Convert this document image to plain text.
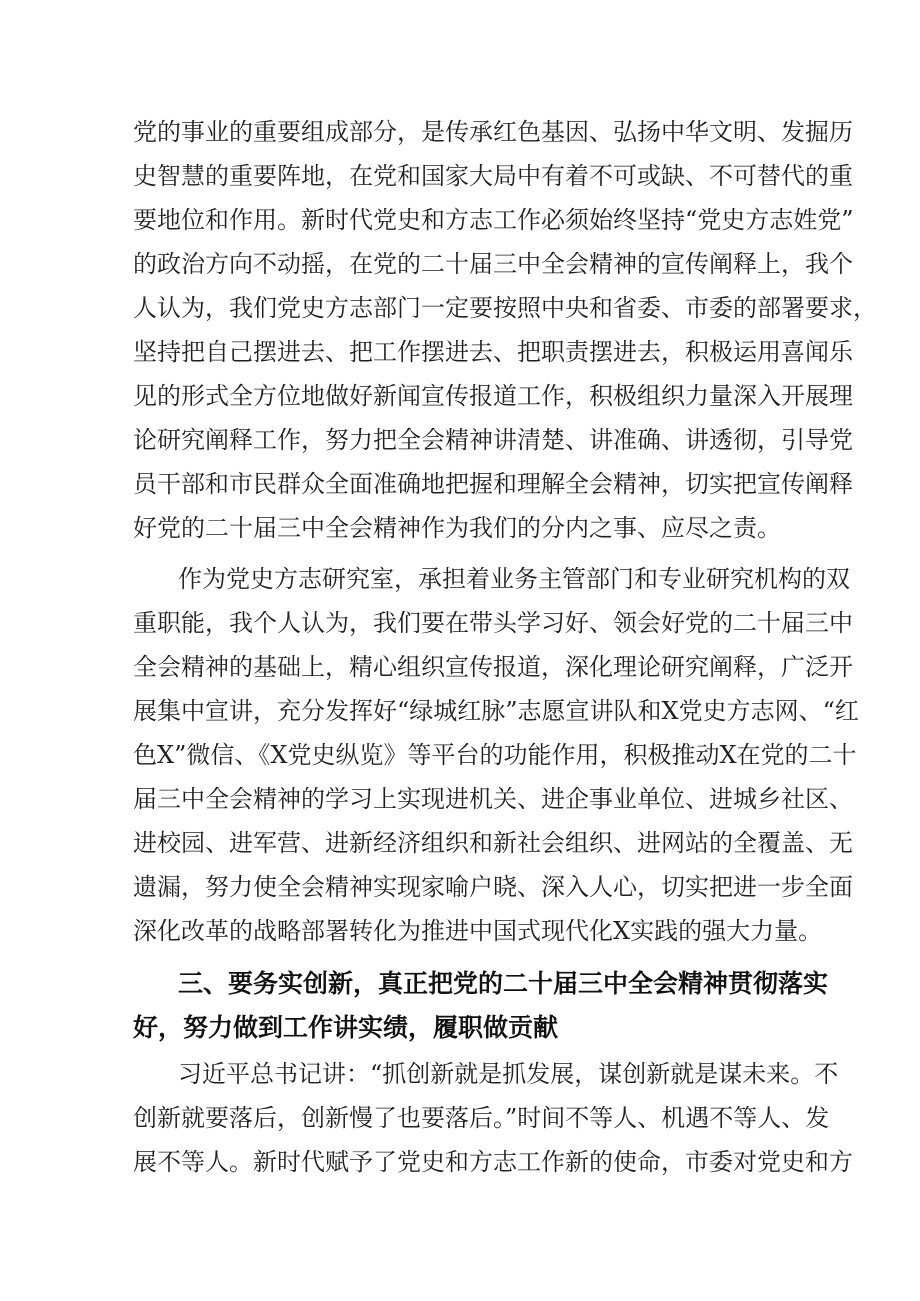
党的事业的重要组成部分，是传承红色基因、弘扬中华文明、发掘历
史智慧的重要阵地，在党和国家大局中有着不可或缺、不可替代的重
要地位和作用。新时代党史和方志工作必须始终坚持“党史方志姓党”
的政治方向不动摇，在党的二十届三中全会精神的宣传阐释上，我个
人认为，我们党史方志部门一定要按照中央和省委、市委的部署要求，
坚持把自己摆进去、把工作摆进去、把职责摆进去，积极运用喜闻乐
见的形式全方位地做好新闻宣传报道工作，积极组织力量深入开展理
论研究阐释工作，努力把全会精神讲清楚、讲准确、讲透彻，引导党
员干部和市民群众全面准确地把握和理解全会精神，切实把宣传阐释
好党的二十届三中全会精神作为我们的分内之事、应尽之责。
作为党史方志研究室，承担着业务主管部门和专业研究机构的双
重职能，我个人认为，我们要在带头学习好、领会好党的二十届三中
全会精神的基础上，精心组织宣传报道，深化理论研究阐释，广泛开
展集中宣讲，充分发挥好“绿城红脉”志愿宣讲队和X党史方志网、“红
色X”微信、《X党史纵览》等平台的功能作用，积极推动X在党的二十
届三中全会精神的学习上实现进机关、进企事业单位、进城乡社区、
进校园、进军营、进新经济组织和新社会组织、进网站的全覆盖、无
遗漏，努力使全会精神实现家喻户晓、深入人心，切实把进一步全面
深化改革的战略部署转化为推进中国式现代化X实践的强大力量。
三、要务实创新，真正把党的二十届三中全会精神贯彻落实
好，努力做到工作讲实绩，履职做贡献
习近平总书记讲：“抓创新就是抓发展，谋创新就是谋未来。不
创新就要落后，创新慢了也要落后。”时间不等人、机遇不等人、发
展不等人。新时代赋予了党史和方志工作新的使命，市委对党史和方
